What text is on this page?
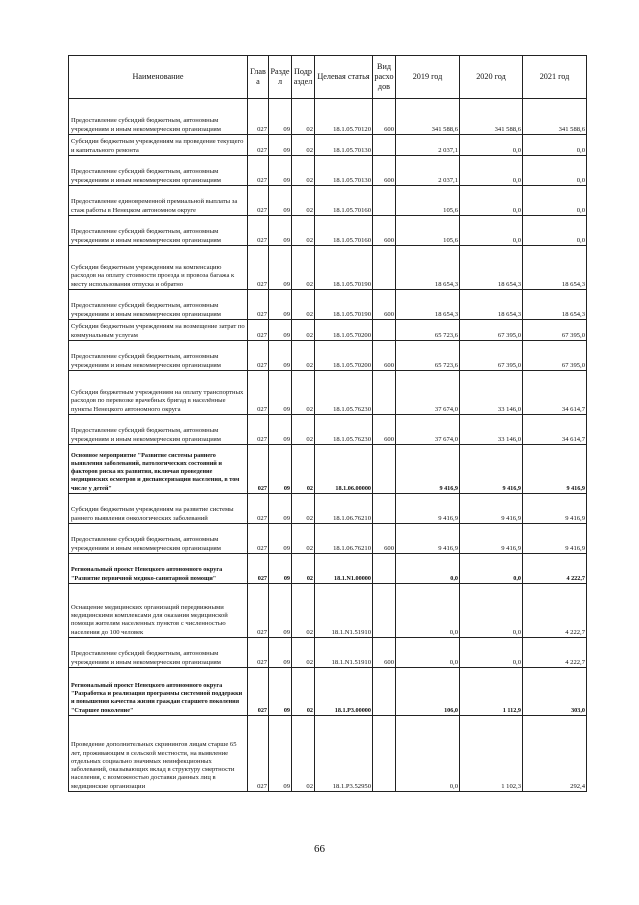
Наименование	Глав а	Разде л	Подр аздел	Целевая статья	Вид расхо дов	2019 год	2020 год	2021 год
Предоставление субсидий бюджетным, автономным учреждениям и иным некоммерческим организациям	027	09	02	18.1.05.70120	600	341 588,6	341 588,6	341 588,6
Субсидии бюджетным учреждениям на проведение текущего и капитального ремонта	027	09	02	18.1.05.70130		2 037,1	0,0	0,0
Предоставление субсидий бюджетным, автономным учреждениям и иным некоммерческим организациям	027	09	02	18.1.05.70130	600	2 037,1	0,0	0,0
Предоставление единовременной премиальной выплаты за стаж работы в Ненецком автономном округе	027	09	02	18.1.05.70160		105,6	0,0	0,0
Предоставление субсидий бюджетным, автономным учреждениям и иным некоммерческим организациям	027	09	02	18.1.05.70160	600	105,6	0,0	0,0
Субсидии бюджетным учреждениям на компенсацию расходов на оплату стоимости проезда и провоза багажа к месту использования отпуска и обратно	027	09	02	18.1.05.70190		18 654,3	18 654,3	18 654,3
Предоставление субсидий бюджетным, автономным учреждениям и иным некоммерческим организациям	027	09	02	18.1.05.70190	600	18 654,3	18 654,3	18 654,3
Субсидии бюджетным учреждениям на возмещение затрат по коммунальным услугам	027	09	02	18.1.05.70200		65 723,6	67 395,0	67 395,0
Предоставление субсидий бюджетным, автономным учреждениям и иным некоммерческим организациям	027	09	02	18.1.05.70200	600	65 723,6	67 395,0	67 395,0
Субсидия бюджетным учреждениям на оплату транспортных расходов по перевозке врачебных бригад в населённые пункты Ненецкого автономного округа	027	09	02	18.1.05.76230		37 674,0	33 146,0	34 614,7
Предоставление субсидий бюджетным, автономным учреждениям и иным некоммерческим организациям	027	09	02	18.1.05.76230	600	37 674,0	33 146,0	34 614,7
Основное мероприятие "Развитие системы раннего выявления заболеваний, патологических состояний и факторов риска их развития, включая проведение медицинских осмотров и диспансеризации населения, в том числе у детей"	027	09	02	18.1.06.00000		9 416,9	9 416,9	9 416,9
Субсидии бюджетным учреждениям на развитие системы раннего выявления онкологических заболеваний	027	09	02	18.1.06.76210		9 416,9	9 416,9	9 416,9
Предоставление субсидий бюджетным, автономным учреждениям и иным некоммерческим организациям	027	09	02	18.1.06.76210	600	9 416,9	9 416,9	9 416,9
Региональный проект Ненецкого автономного округа "Развитие первичной медико-санитарной помощи"	027	09	02	18.1.N1.00000		0,0	0,0	4 222,7
Оснащение медицинских организаций передвижными медицинскими комплексами для оказания медицинской помощи жителям населенных пунктов с численностью населения до 100 человек	027	09	02	18.1.N1.51910		0,0	0,0	4 222,7
Предоставление субсидий бюджетным, автономным учреждениям и иным некоммерческим организациям	027	09	02	18.1.N1.51910	600	0,0	0,0	4 222,7
Региональный проект Ненецкого автономного округа "Разработка и реализация программы системной поддержки и повышения качества жизни граждан старшего поколения "Старшее поколение"	027	09	02	18.1.P3.00000		106,0	1 112,9	303,0
Проведение дополнительных скринингов лицам старше 65 лет, проживающим в сельской местности, на выявление отдельных социально значимых неинфекционных заболеваний, оказывающих вклад в структуру смертности населения, с возможностью доставки данных лиц в медицинские организации	027	09	02	18.1.P3.52950		0,0	1 102,3	292,4
66
